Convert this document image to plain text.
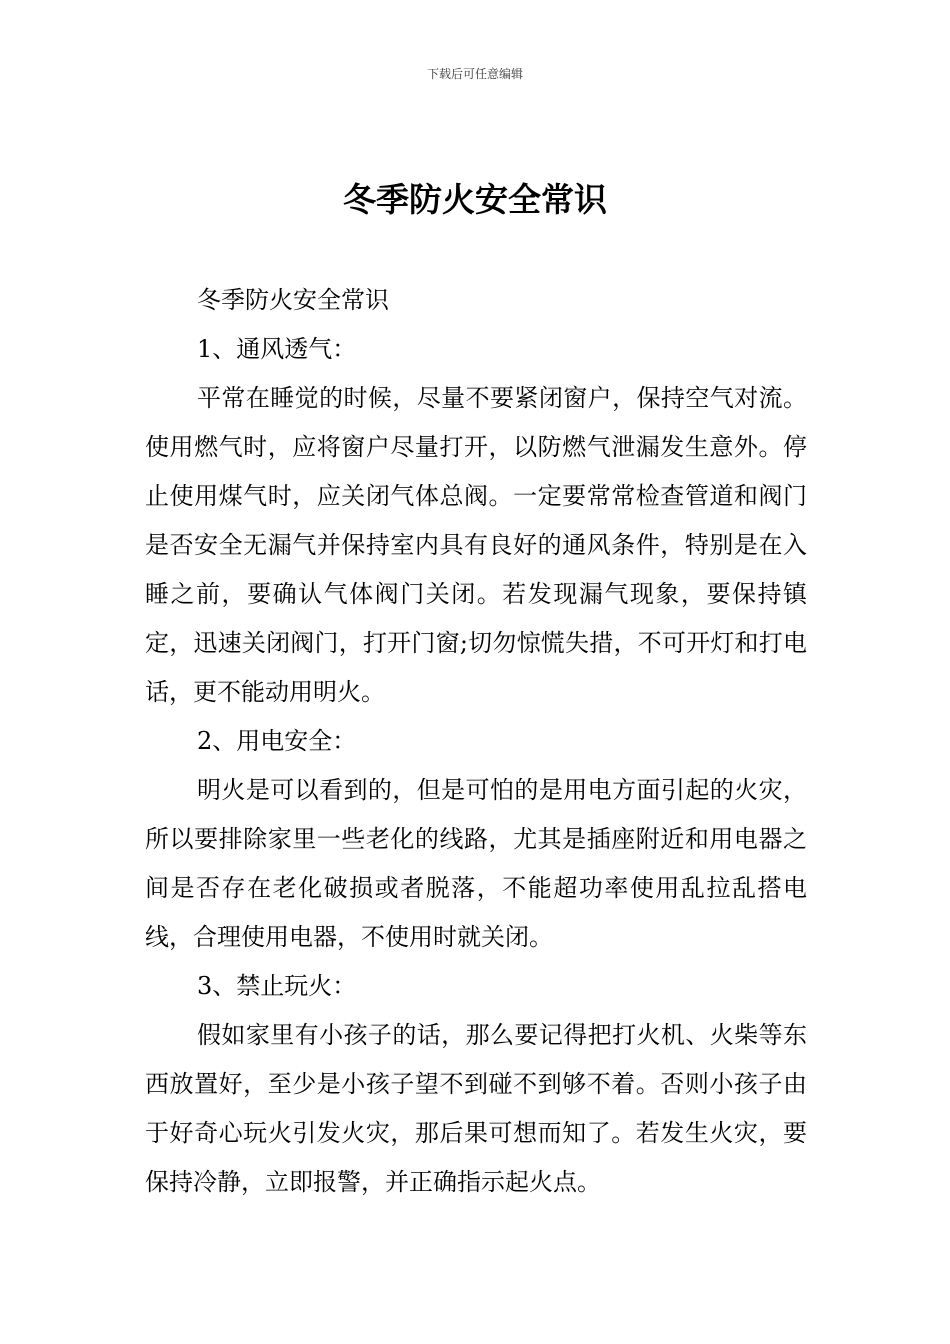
下载后可任意编辑
冬季防火安全常识

冬季防火安全常识

1、通风透气：

平常在睡觉的时候，尽量不要紧闭窗户，保持空气对流。使用燃气时，应将窗户尽量打开，以防燃气泄漏发生意外。停止使用煤气时，应关闭气体总阀。一定要常常检查管道和阀门是否安全无漏气并保持室内具有良好的通风条件，特别是在入睡之前，要确认气体阀门关闭。若发现漏气现象，要保持镇定，迅速关闭阀门，打开门窗;切勿惊慌失措，不可开灯和打电话，更不能动用明火。

2、用电安全：

明火是可以看到的，但是可怕的是用电方面引起的火灾，所以要排除家里一些老化的线路，尤其是插座附近和用电器之间是否存在老化破损或者脱落，不能超功率使用乱拉乱搭电线，合理使用电器，不使用时就关闭。

3、禁止玩火：

假如家里有小孩子的话，那么要记得把打火机、火柴等东西放置好，至少是小孩子望不到碰不到够不着。否则小孩子由于好奇心玩火引发火灾，那后果可想而知了。若发生火灾，要保持冷静，立即报警，并正确指示起火点。
